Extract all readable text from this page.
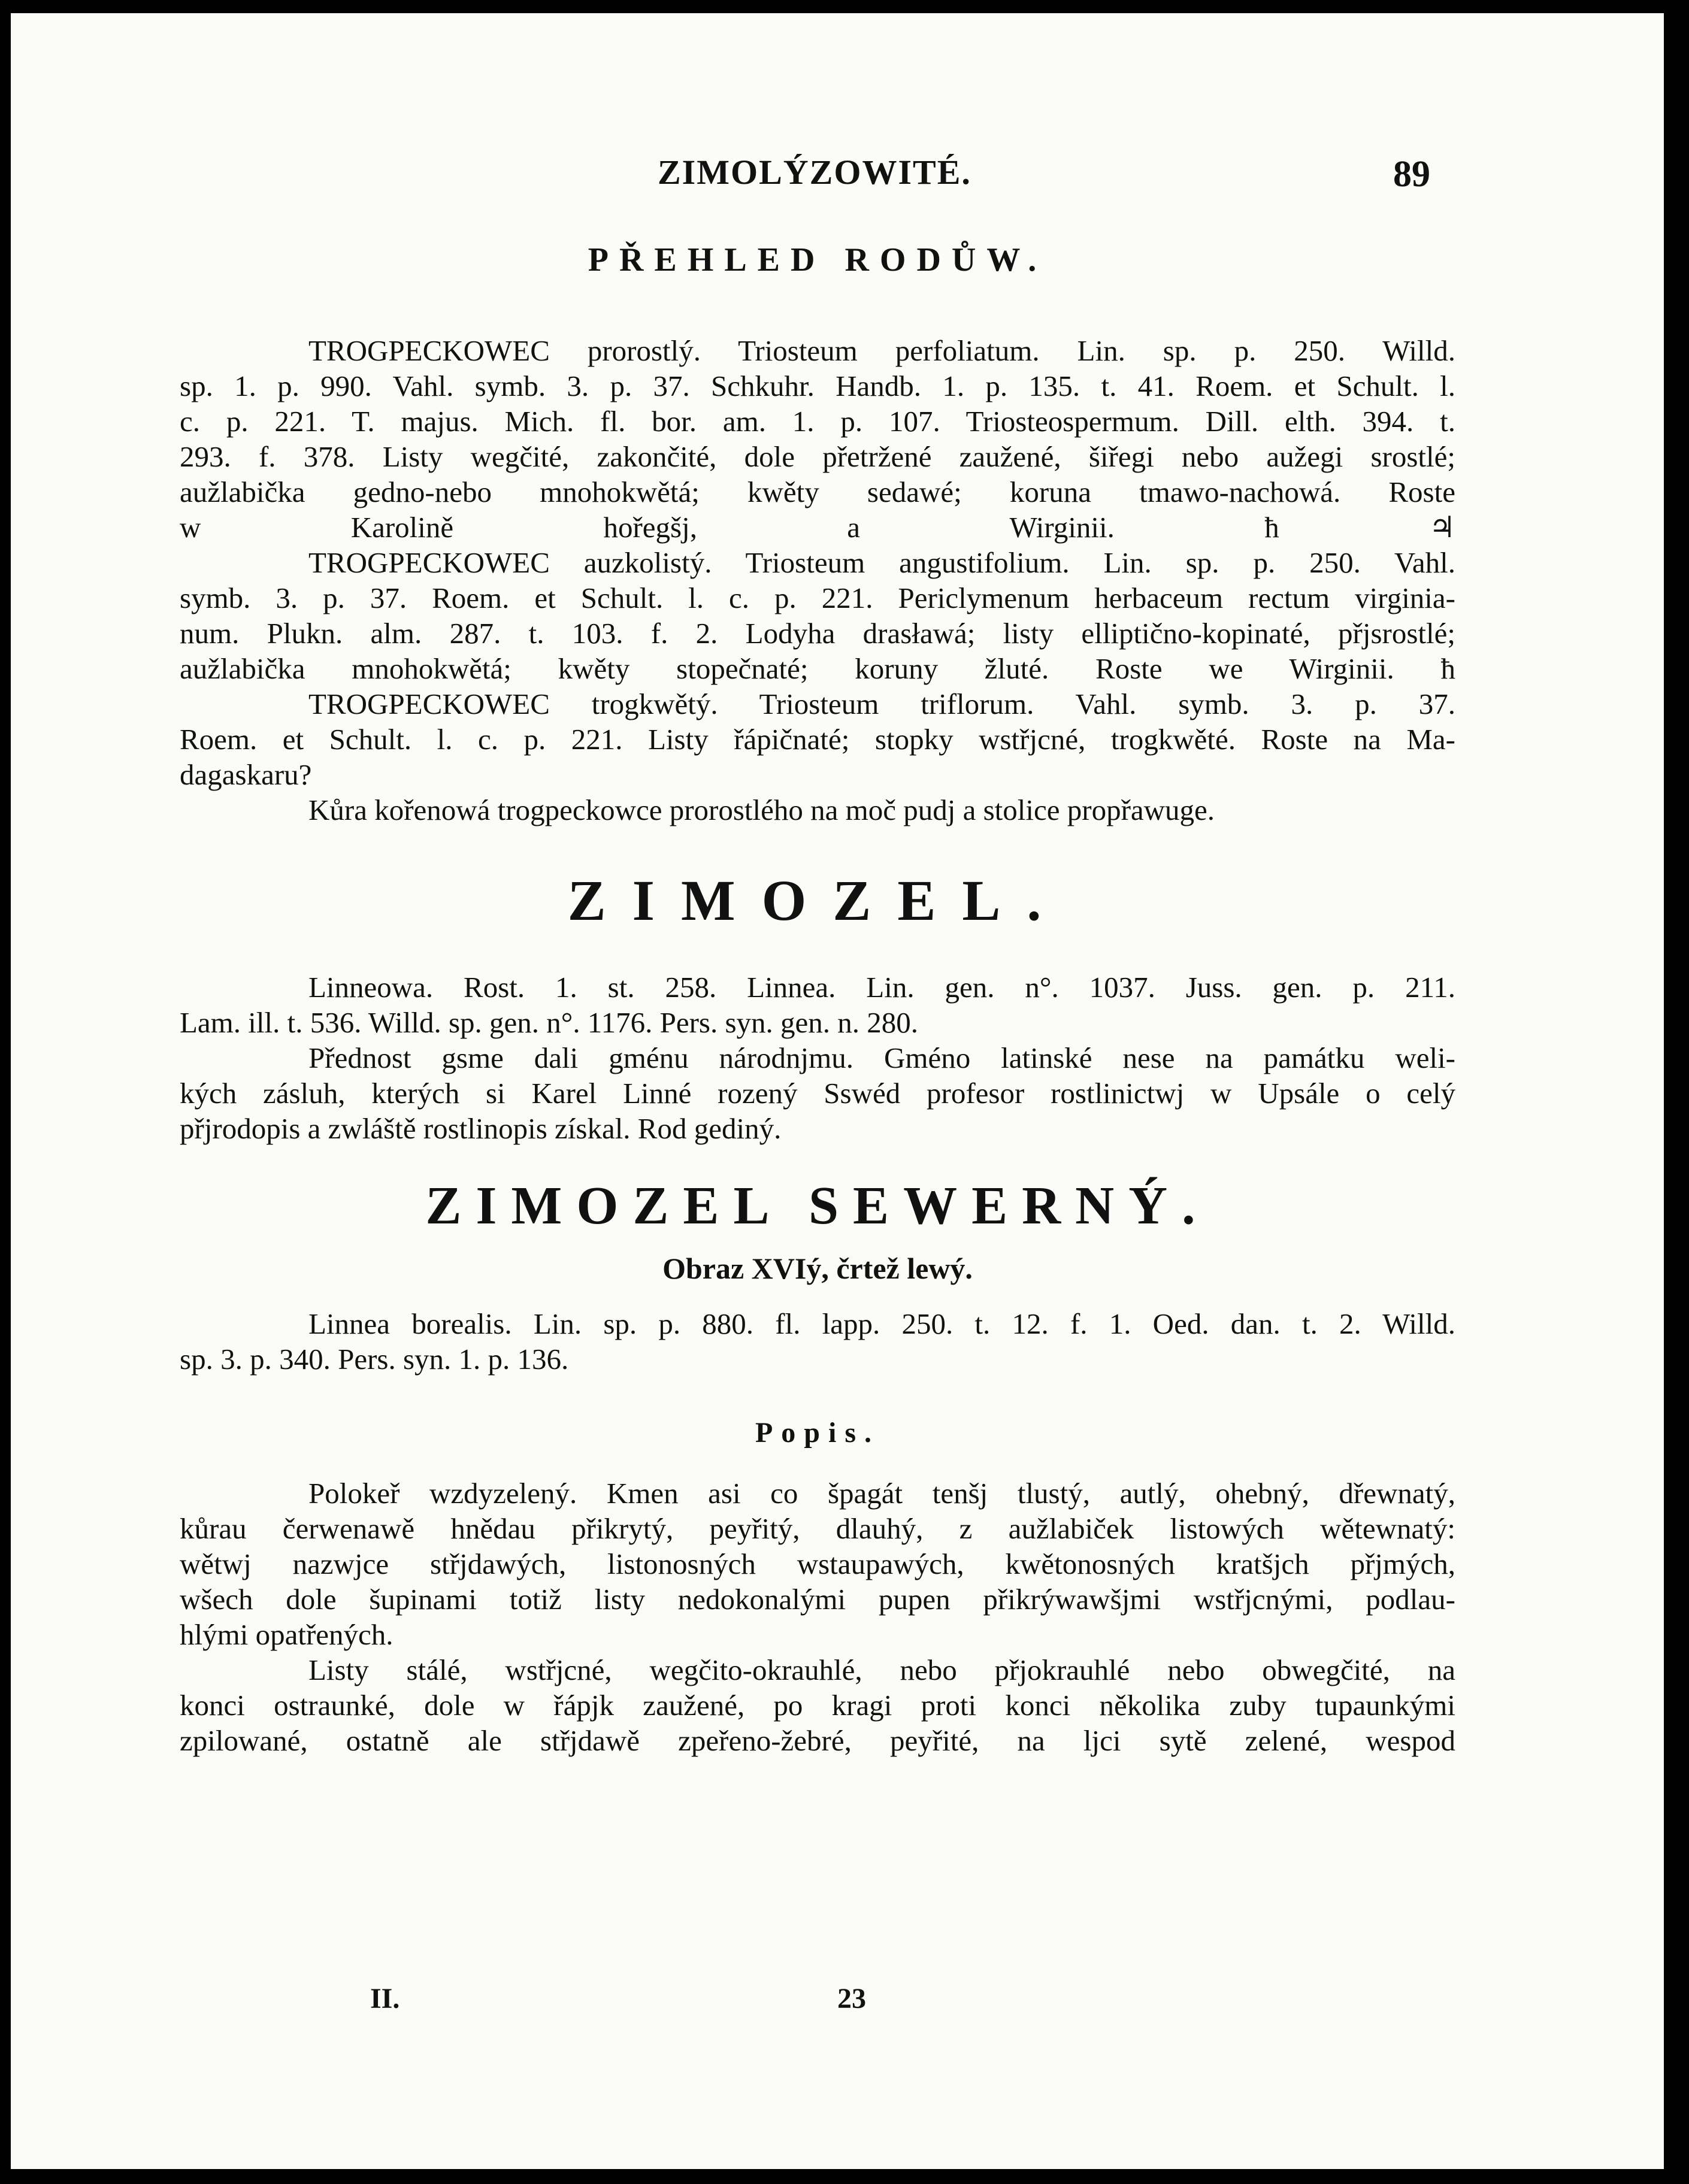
ZIMOLÝZOWITÉ.	89
PŘEHLED RODŮW.
TROGPECKOWEC prorostlý. Triosteum perfoliatum. Lin. sp. p. 250. Willd.
sp. 1. p. 990. Vahl. symb. 3. p. 37. Schkuhr. Handb. 1. p. 135. t. 41. Roem. et Schult. l.
c. p. 221. T. majus. Mich. fl. bor. am. 1. p. 107. Triosteospermum. Dill. elth. 394. t.
293. f. 378. Listy wegčité, zakončité, dole přetržené zaužené, šiřegi nebo aužegi srostlé;
aužlabička gedno-nebo mnohokwětá; kwěty sedawé; koruna tmawo-nachowá. Roste
w Karolině hořegšj, a Wirginii. ħ ♃
TROGPECKOWEC auzkolistý. Triosteum angustifolium. Lin. sp. p. 250. Vahl.
symb. 3. p. 37. Roem. et Schult. l. c. p. 221. Periclymenum herbaceum rectum virginia-
num. Plukn. alm. 287. t. 103. f. 2. Lodyha drasławá; listy elliptično-kopinaté, přjsrostlé;
aužlabička mnohokwětá; kwěty stopečnaté; koruny žluté. Roste we Wirginii. ħ
TROGPECKOWEC trogkwětý. Triosteum triflorum. Vahl. symb. 3. p. 37.
Roem. et Schult. l. c. p. 221. Listy řápičnaté; stopky wstřjcné, trogkwěté. Roste na Ma-
dagaskaru?
Kůra kořenowá trogpeckowce prorostlého na moč pudj a stolice propřawuge.
ZIMOZEL.
Linneowa. Rost. 1. st. 258. Linnea. Lin. gen. n°. 1037. Juss. gen. p. 211.
Lam. ill. t. 536. Willd. sp. gen. n°. 1176. Pers. syn. gen. n. 280.
Přednost gsme dali gménu národnjmu. Gméno latinské nese na památku weli-
kých zásluh, kterých si Karel Linné rozený Sswéd profesor rostlinictwj w Upsále o celý
přjrodopis a zwláště rostlinopis získal. Rod gediný.
ZIMOZEL SEWERNÝ.
Obraz XVIý, črtež lewý.
Linnea borealis. Lin. sp. p. 880. fl. lapp. 250. t. 12. f. 1. Oed. dan. t. 2. Willd.
sp. 3. p. 340. Pers. syn. 1. p. 136.
Popis.
Polokeř wzdyzelený. Kmen asi co špagát tenšj tlustý, autlý, ohebný, dřewnatý,
kůrau čerwenawě hnědau přikrytý, peyřitý, dlauhý, z aužlabiček listowých wětewnatý:
wětwj nazwjce střjdawých, listonosných wstaupawých, kwětonosných kratšjch přjmých,
wšech dole šupinami totiž listy nedokonalými pupen přikrýwawšjmi wstřjcnými, podlau-
hlými opatřených.
Listy stálé, wstřjcné, wegčito-okrauhlé, nebo přjokrauhlé nebo obwegčité, na
konci ostraunké, dole w řápjk zaužené, po kragi proti konci několika zuby tupaunkými
zpilowané, ostatně ale střjdawě zpeřeno-žebré, peyřité, na ljci sytě zelené, wespod
II.	23
